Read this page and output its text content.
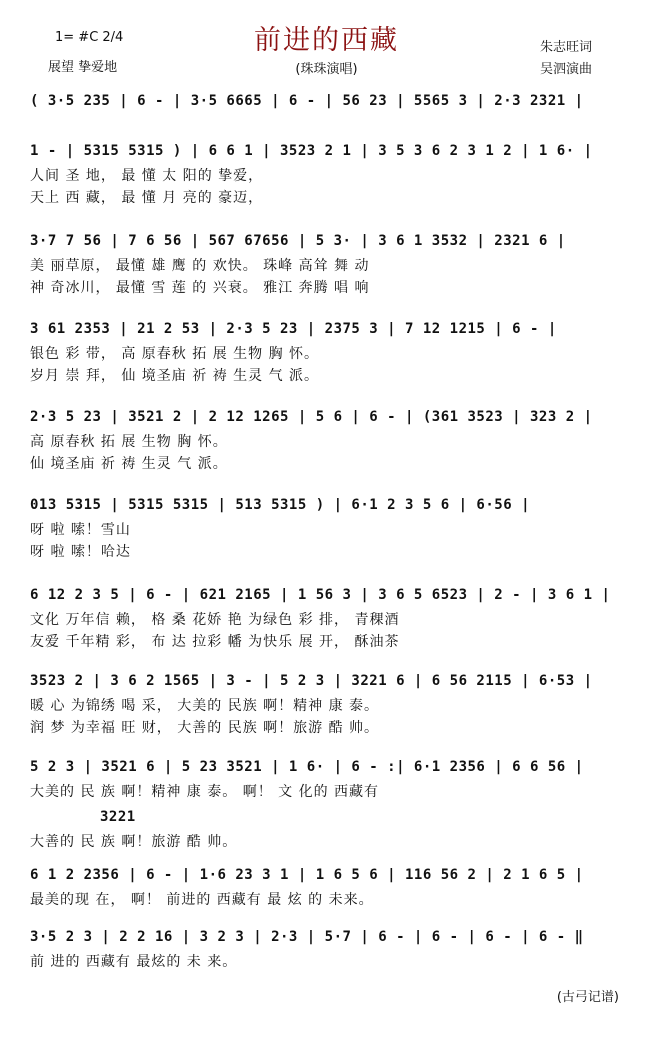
1= #C 2/4
展望 挚爱地
前进的西藏
(珠珠演唱)
朱志旺词
吴泗演曲
( 3·5 235 | 6 - | 3·5 6665 | 6 - | 56 23 | 5565 3 | 2·3 2321 |
1 - | 5315 5315 ) | 6 6 1 | 3523 2 1 | 3 5 3 6 2 3 1 2 | 1 6· |
人间 圣 地， 最 懂 太 阳的 挚爱，
天上 西 藏， 最 懂 月 亮的 豪迈，
3·7 7 56 | 7 6 56 | 567 67656 | 5 3· | 3 6 1 3532 | 2321 6 |
美 丽草原， 最懂 雄 鹰 的 欢快。 珠峰 高耸 舞 动
神 奇冰川， 最懂 雪 莲 的 兴衰。 雅江 奔腾 唱 响
3 61 2353 | 21 2 53 | 2·3 5 23 | 2375 3 | 7 12 1215 | 6 - |
银色 彩 带， 高 原春秋 拓 展 生物 胸 怀。
岁月 崇 拜， 仙 境圣庙 祈 祷 生灵 气 派。
2·3 5 23 | 3521 2 | 2 12 1265 | 5 6 | 6 - | (361 3523 | 323 2 |
高 原春秋 拓 展 生物 胸 怀。
仙 境圣庙 祈 祷 生灵 气 派。
013 5315 | 5315 5315 | 513 5315 ) | 6·1 2 3 5 6 | 6·56 |
呀 啦 嗦！雪山
呀 啦 嗦！哈达
6 12 2 3 5 | 6 - | 621 2165 | 1 56 3 | 3 6 5 6523 | 2 - | 3 6 1 |
文化 万年信 赖， 格 桑 花娇 艳 为绿色 彩 排， 青稞酒
友爱 千年精 彩， 布 达 拉彩 幡 为快乐 展 开， 酥油茶
3523 2 | 3 6 2 1565 | 3 - | 5 2 3 | 3221 6 | 6 56 2115 | 6·53 |
暖 心 为锦绣 喝 采， 大美的 民族 啊！精神 康 泰。
润 梦 为幸福 旺 财， 大善的 民族 啊！旅游 酷 帅。
5 2 3 | 3521 6 | 5 23 3521 | 1 6· | 6 - :| 6·1 2356 | 6 6 56 |
大美的 民 族 啊！精神 康 泰。 啊！ 文 化的 西藏有
3221
大善的 民 族 啊！旅游 酷 帅。
6 1 2 2356 | 6 - | 1·6 23 3 1 | 1 6 5 6 | 116 56 2 | 2 1 6 5 |
最美的现 在， 啊！ 前进的 西藏有 最 炫 的 未来。
3·5 2 3 | 2 2 16 | 3 2 3 | 2·3 | 5·7 | 6 - | 6 - | 6 - | 6 - ‖
前 进的 西藏有 最炫的 未 来。
(古弓记谱)
